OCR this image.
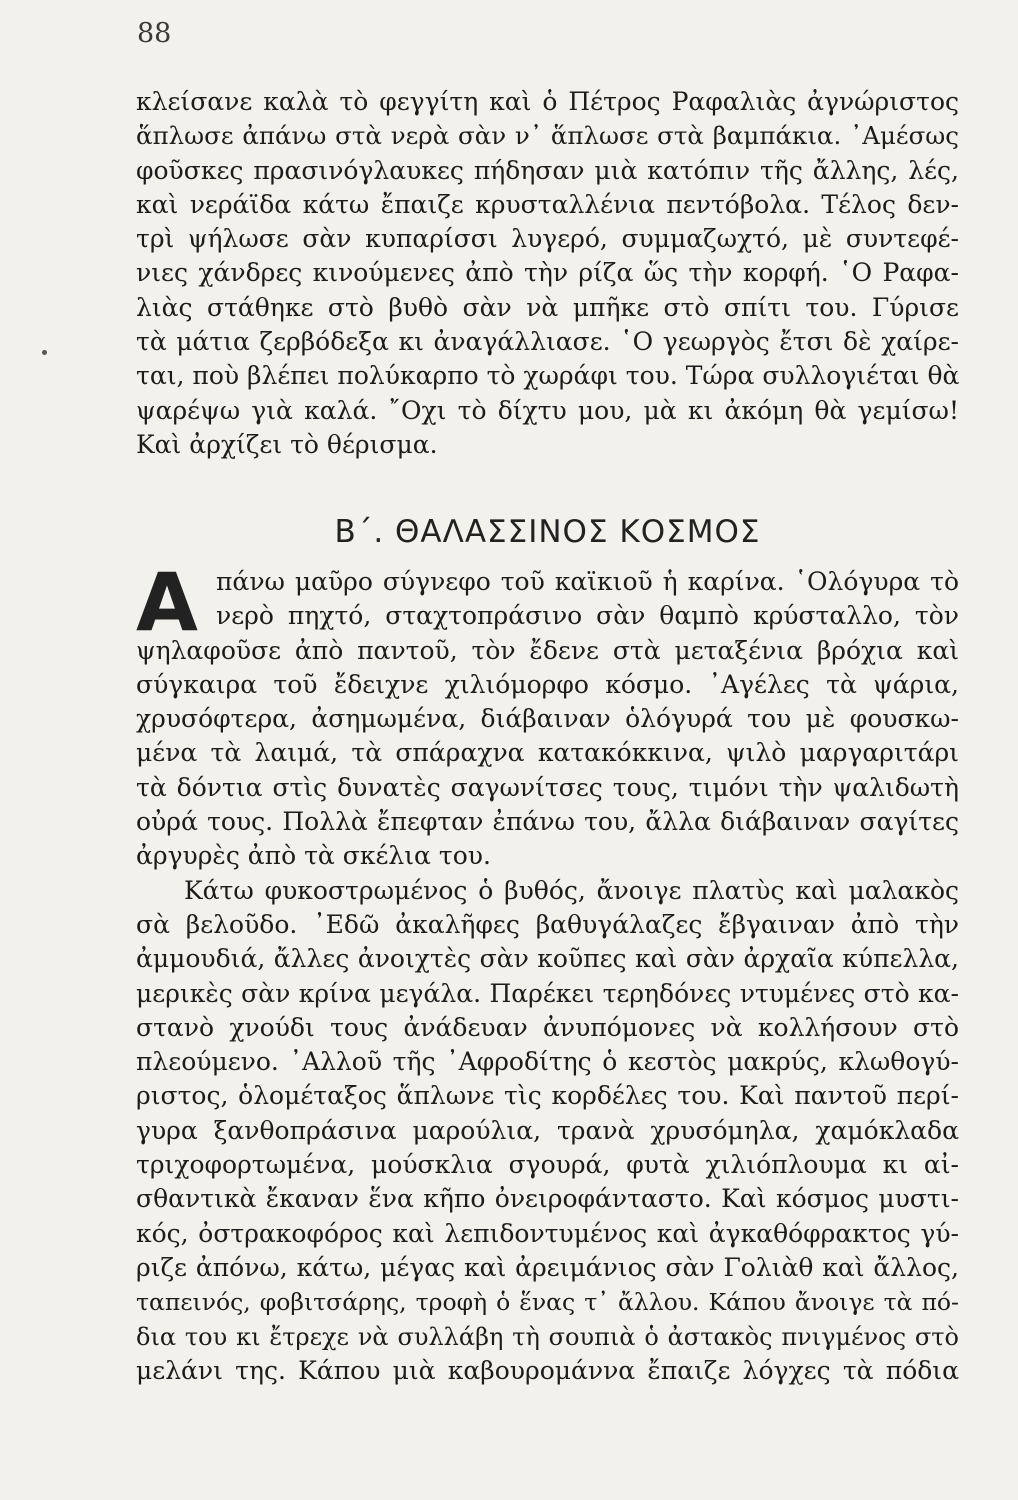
88
κλείσανε καλὰ τὸ φεγγίτη καὶ ὁ Πέτρος Ραφαλιὰς ἀγνώριστος
ἅπλωσε ἀπάνω στὰ νερὰ σὰν ν᾽ ἅπλωσε στὰ βαμπάκια. ᾽Αμέσως
φοῦσκες πρασινόγλαυκες πήδησαν μιὰ κατόπιν τῆς ἄλλης, λές,
καὶ νεράϊδα κάτω ἔπαιζε κρυσταλλένια πεντόβολα. Τέλος δεν-
τρὶ ψήλωσε σὰν κυπαρίσσι λυγερό, συμμαζωχτό, μὲ συντεφέ-
νιες χάνδρες κινούμενες ἀπὸ τὴν ρίζα ὥς τὴν κορφή. ῾Ο Ραφα-
λιὰς στάθηκε στὸ βυθὸ σὰν νὰ μπῆκε στὸ σπίτι του. Γύρισε
τὰ μάτια ζερβόδεξα κι ἀναγάλλιασε. ῾Ο γεωργὸς ἔτσι δὲ χαίρε-
ται, ποὺ βλέπει πολύκαρπο τὸ χωράφι του. Τώρα συλλογιέται θὰ
ψαρέψω γιὰ καλά. ῎Οχι τὸ δίχτυ μου, μὰ κι ἀκόμη θὰ γεμίσω!
Καὶ ἀρχίζει τὸ θέρισμα.
Β΄. ΘΑΛΑΣΣΙΝΟΣ ΚΟΣΜΟΣ
Α πάνω μαῦρο σύγνεφο τοῦ καϊκιοῦ ἡ καρίνα. ῾Ολόγυρα τὸ
νερὸ πηχτό, σταχτοπράσινο σὰν θαμπὸ κρύσταλλο, τὸν
ψηλαφοῦσε ἀπὸ παντοῦ, τὸν ἔδενε στὰ μεταξένια βρόχια καὶ
σύγκαιρα τοῦ ἔδειχνε χιλιόμορφο κόσμο. ᾽Αγέλες τὰ ψάρια,
χρυσόφτερα, ἀσημωμένα, διάβαιναν ὁλόγυρά του μὲ φουσκω-
μένα τὰ λαιμά, τὰ σπάραχνα κατακόκκινα, ψιλὸ μαργαριτάρι
τὰ δόντια στὶς δυνατὲς σαγωνίτσες τους, τιμόνι τὴν ψαλιδωτὴ
οὐρά τους. Πολλὰ ἔπεφταν ἐπάνω του, ἄλλα διάβαιναν σαγίτες
ἀργυρὲς ἀπὸ τὰ σκέλια του.
Κάτω φυκοστρωμένος ὁ βυθός, ἄνοιγε πλατὺς καὶ μαλακὸς
σὰ βελοῦδο. ᾽Εδῶ ἀκαλῆφες βαθυγάλαζες ἔβγαιναν ἀπὸ τὴν
ἀμμουδιά, ἄλλες ἀνοιχτὲς σὰν κοῦπες καὶ σὰν ἀρχαῖα κύπελλα,
μερικὲς σὰν κρίνα μεγάλα. Παρέκει τερηδόνες ντυμένες στὸ κα-
στανὸ χνούδι τους ἀνάδευαν ἀνυπόμονες νὰ κολλήσουν στὸ
πλεούμενο. ᾽Αλλοῦ τῆς ᾽Αφροδίτης ὁ κεστὸς μακρύς, κλωθογύ-
ριστος, ὁλομέταξος ἅπλωνε τὶς κορδέλες του. Καὶ παντοῦ περί-
γυρα ξανθοπράσινα μαρούλια, τρανὰ χρυσόμηλα, χαμόκλαδα
τριχοφορτωμένα, μούσκλια σγουρά, φυτὰ χιλιόπλουμα κι αἰ-
σθαντικὰ ἔκαναν ἕνα κῆπο ὀνειροφάνταστο. Καὶ κόσμος μυστι-
κός, ὀστρακοφόρος καὶ λεπιδοντυμένος καὶ ἀγκαθόφρακτος γύ-
ριζε ἀπόνω, κάτω, μέγας καὶ ἀρειμάνιος σὰν Γολιὰθ καὶ ἄλλος,
ταπεινός, φοβιτσάρης, τροφὴ ὁ ἕνας τ᾽ ἄλλου. Κάπου ἄνοιγε τὰ πό-
δια του κι ἔτρεχε νὰ συλλάβη τὴ σουπιὰ ὁ ἀστακὸς πνιγμένος στὸ
μελάνι της. Κάπου μιὰ καβουρομάννα ἔπαιζε λόγχες τὰ πόδια
